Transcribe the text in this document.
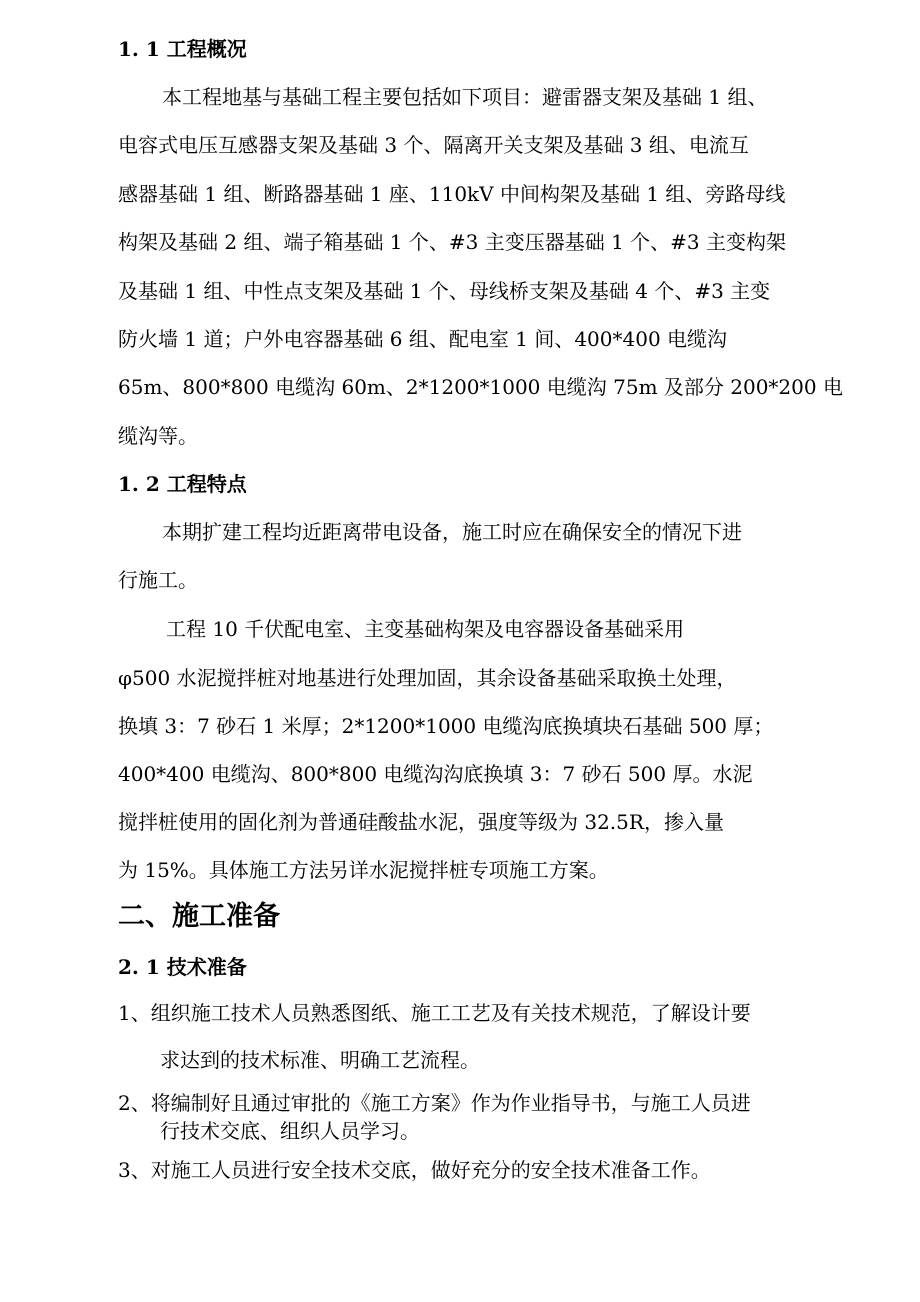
1. 1 工程概况
本工程地基与基础工程主要包括如下项目：避雷器支架及基础 1 组、
电容式电压互感器支架及基础 3 个、隔离开关支架及基础 3 组、电流互
感器基础 1 组、断路器基础 1 座、110kV 中间构架及基础 1 组、旁路母线
构架及基础 2 组、端子箱基础 1 个、#3 主变压器基础 1 个、#3 主变构架
及基础 1 组、中性点支架及基础 1 个、母线桥支架及基础 4 个、#3 主变
防火墙 1 道；户外电容器基础 6 组、配电室 1 间、400*400 电缆沟
65m、800*800 电缆沟 60m、2*1200*1000 电缆沟 75m 及部分 200*200 电
缆沟等。
1. 2 工程特点
本期扩建工程均近距离带电设备，施工时应在确保安全的情况下进
行施工。
工程 10 千伏配电室、主变基础构架及电容器设备基础采用
φ500 水泥搅拌桩对地基进行处理加固，其余设备基础采取换土处理，
换填 3：7 砂石 1 米厚；2*1200*1000 电缆沟底换填块石基础 500 厚；
400*400 电缆沟、800*800 电缆沟沟底换填 3：7 砂石 500 厚。水泥
搅拌桩使用的固化剂为普通硅酸盐水泥，强度等级为 32.5R，掺入量
为 15%。具体施工方法另详水泥搅拌桩专项施工方案。
二、施工准备
2. 1 技术准备
1、组织施工技术人员熟悉图纸、施工工艺及有关技术规范，了解设计要
求达到的技术标准、明确工艺流程。
2、将编制好且通过审批的《施工方案》作为作业指导书，与施工人员进
行技术交底、组织人员学习。
3、对施工人员进行安全技术交底，做好充分的安全技术准备工作。
